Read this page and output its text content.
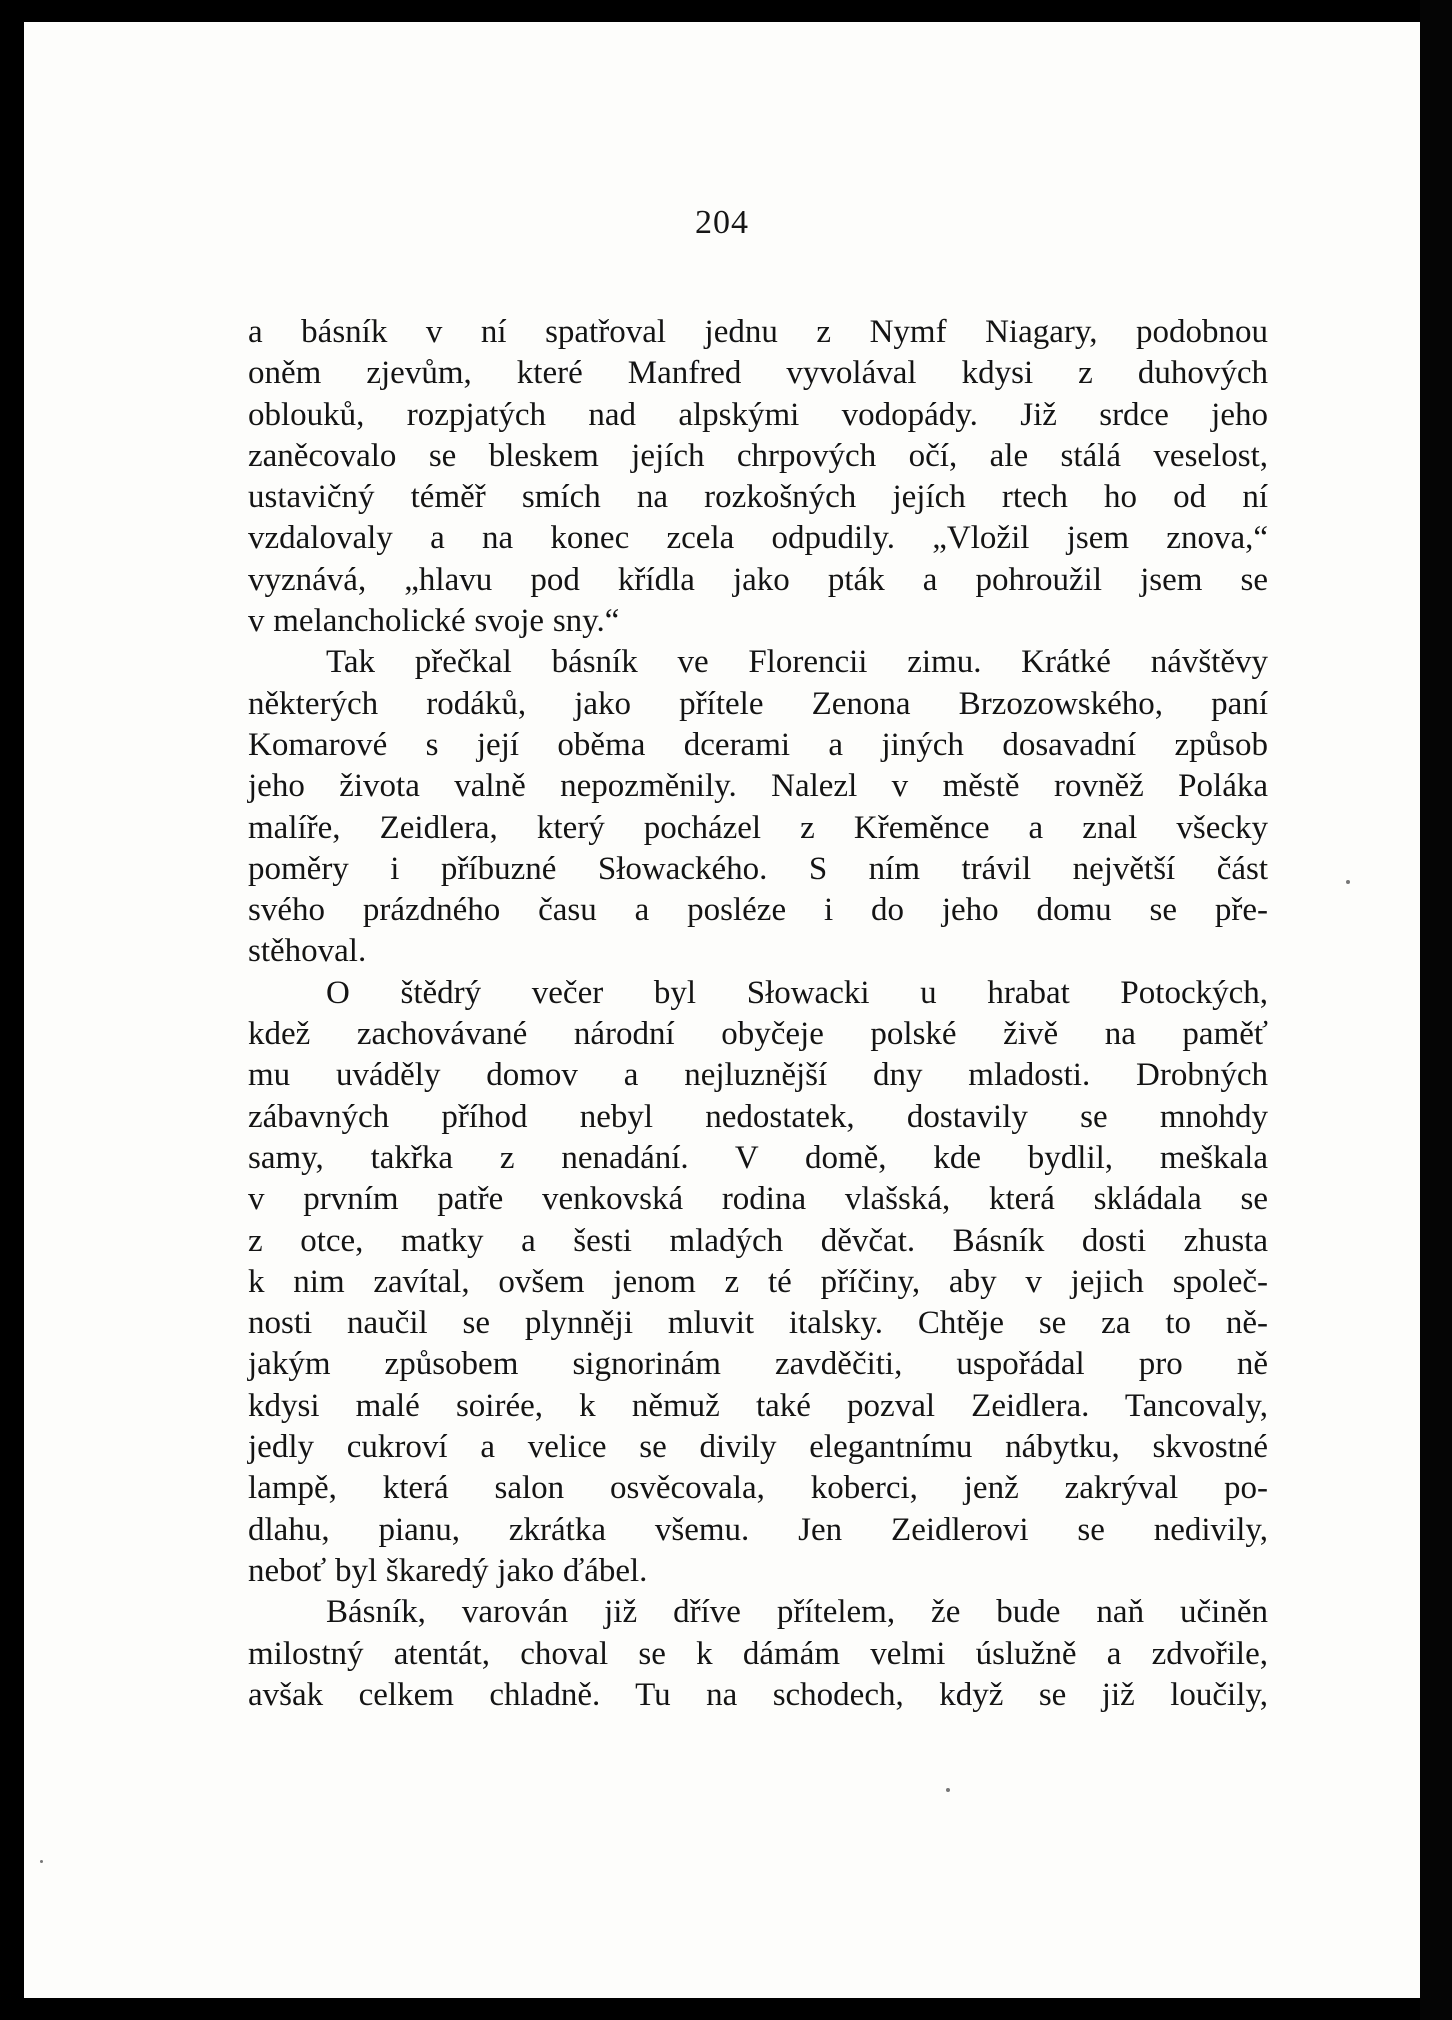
204
a básník v ní spatřoval jednu z Nymf Niagary, podobnou
oněm zjevům, které Manfred vyvolával kdysi z duhových
oblouků, rozpjatých nad alpskými vodopády. Již srdce jeho
zaněcovalo se bleskem jejích chrpových očí, ale stálá veselost,
ustavičný téměř smích na rozkošných jejích rtech ho od ní
vzdalovaly a na konec zcela odpudily. „Vložil jsem znova,“
vyznává, „hlavu pod křídla jako pták a pohroužil jsem se
v melancholické svoje sny.“
Tak přečkal básník ve Florencii zimu. Krátké návštěvy
některých rodáků, jako přítele Zenona Brzozowského, paní
Komarové s její oběma dcerami a jiných dosavadní způsob
jeho života valně nepozměnily. Nalezl v městě rovněž Poláka
malíře, Zeidlera, který pocházel z Křeměnce a znal všecky
poměry i příbuzné Słowackého. S ním trávil největší část
svého prázdného času a posléze i do jeho domu se pře-
stěhoval.
O štědrý večer byl Słowacki u hrabat Potockých,
kdež zachovávané národní obyčeje polské živě na paměť
mu uváděly domov a nejluznější dny mladosti. Drobných
zábavných příhod nebyl nedostatek, dostavily se mnohdy
samy, takřka z nenadání. V domě, kde bydlil, meškala
v prvním patře venkovská rodina vlašská, která skládala se
z otce, matky a šesti mladých děvčat. Básník dosti zhusta
k nim zavítal, ovšem jenom z té příčiny, aby v jejich společ-
nosti naučil se plynněji mluvit italsky. Chtěje se za to ně-
jakým způsobem signorinám zavděčiti, uspořádal pro ně
kdysi malé soirée, k němuž také pozval Zeidlera. Tancovaly,
jedly cukroví a velice se divily elegantnímu nábytku, skvostné
lampě, která salon osvěcovala, koberci, jenž zakrýval po-
dlahu, pianu, zkrátka všemu. Jen Zeidlerovi se nedivily,
neboť byl škaredý jako ďábel.
Básník, varován již dříve přítelem, že bude naň učiněn
milostný atentát, choval se k dámám velmi úslužně a zdvořile,
avšak celkem chladně. Tu na schodech, když se již loučily,
